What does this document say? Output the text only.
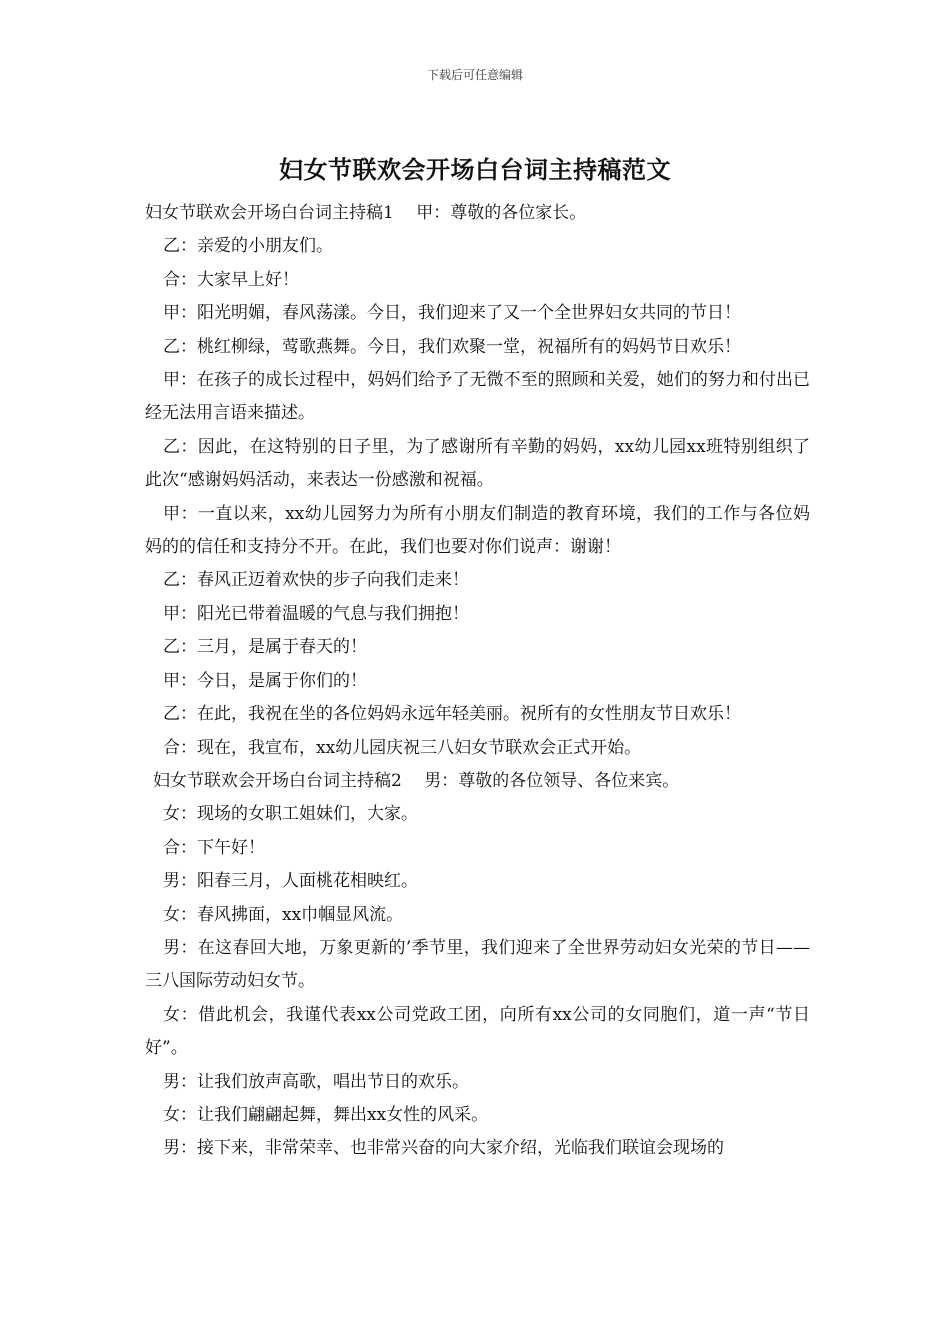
下载后可任意编辑
妇女节联欢会开场白台词主持稿范文

妇女节联欢会开场白台词主持稿1　 甲：尊敬的各位家长。

乙：亲爱的小朋友们。

合：大家早上好！

甲：阳光明媚，春风荡漾。今日，我们迎来了又一个全世界妇女共同的节日！

乙：桃红柳绿，莺歌燕舞。今日，我们欢聚一堂，祝福所有的妈妈节日欢乐！

甲：在孩子的成长过程中，妈妈们给予了无微不至的照顾和关爱，她们的努力和付出已经无法用言语来描述。

乙：因此，在这特别的日子里，为了感谢所有辛勤的妈妈，xx幼儿园xx班特别组织了此次“感谢妈妈活动，来表达一份感激和祝福。

甲：一直以来，xx幼儿园努力为所有小朋友们制造的教育环境，我们的工作与各位妈妈的的信任和支持分不开。在此，我们也要对你们说声：谢谢！

乙：春风正迈着欢快的步子向我们走来！

甲：阳光已带着温暖的气息与我们拥抱！

乙：三月，是属于春天的！

甲：今日，是属于你们的！

乙：在此，我祝在坐的各位妈妈永远年轻美丽。祝所有的女性朋友节日欢乐！

合：现在，我宣布，xx幼儿园庆祝三八妇女节联欢会正式开始。

妇女节联欢会开场白台词主持稿2　 男：尊敬的各位领导、各位来宾。

女：现场的女职工姐妹们，大家。

合：下午好！

男：阳春三月，人面桃花相映红。

女：春风拂面，xx巾帼显风流。

男：在这春回大地，万象更新的’季节里，我们迎来了全世界劳动妇女光荣的节日——三八国际劳动妇女节。

女：借此机会，我谨代表xx公司党政工团，向所有xx公司的女同胞们，道一声“节日好”。

男：让我们放声高歌，唱出节日的欢乐。

女：让我们翩翩起舞，舞出xx女性的风采。

男：接下来，非常荣幸、也非常兴奋的向大家介绍，光临我们联谊会现场的
